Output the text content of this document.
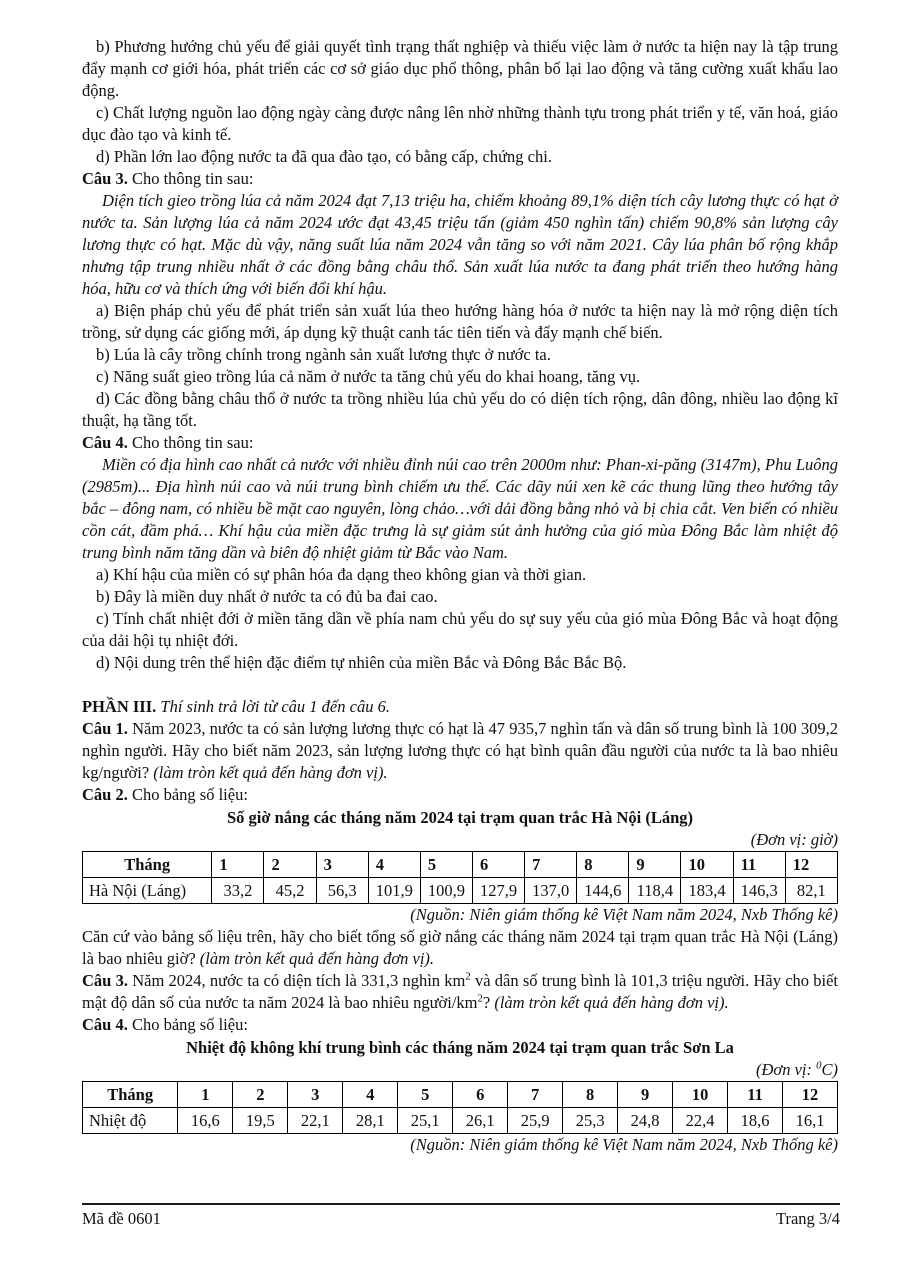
b) Phương hướng chủ yếu để giải quyết tình trạng thất nghiệp và thiếu việc làm ở nước ta hiện nay là tập trung đẩy mạnh cơ giới hóa, phát triển các cơ sở giáo dục phổ thông, phân bố lại lao động và tăng cường xuất khẩu lao động.

c) Chất lượng nguồn lao động ngày càng được nâng lên nhờ những thành tựu trong phát triển y tế, văn hoá, giáo dục đào tạo và kinh tế.

d) Phần lớn lao động nước ta đã qua đào tạo, có bằng cấp, chứng chi.

Câu 3. Cho thông tin sau:

Diện tích gieo trồng lúa cả năm 2024 đạt 7,13 triệu ha, chiếm khoảng 89,1% diện tích cây lương thực có hạt ở nước ta. Sản lượng lúa cả năm 2024 ước đạt 43,45 triệu tấn (giảm 450 nghìn tấn) chiếm 90,8% sản lượng cây lương thực có hạt. Mặc dù vậy, năng suất lúa năm 2024 vẫn tăng so với năm 2021. Cây lúa phân bố rộng khắp nhưng tập trung nhiều nhất ở các đồng bằng châu thổ. Sản xuất lúa nước ta đang phát triển theo hướng hàng hóa, hữu cơ và thích ứng với biến đổi khí hậu.

a) Biện pháp chủ yếu để phát triển sản xuất lúa theo hướng hàng hóa ở nước ta hiện nay là mở rộng diện tích trồng, sử dụng các giống mới, áp dụng kỹ thuật canh tác tiên tiến và đẩy mạnh chế biến.

b) Lúa là cây trồng chính trong ngành sản xuất lương thực ở nước ta.

c) Năng suất gieo trồng lúa cả năm ở nước ta tăng chủ yếu do khai hoang, tăng vụ.

d) Các đồng bằng châu thổ ở nước ta trồng nhiều lúa chủ yếu do có diện tích rộng, dân đông, nhiều lao động kĩ thuật, hạ tầng tốt.

Câu 4. Cho thông tin sau:

Miền có địa hình cao nhất cả nước với nhiều đỉnh núi cao trên 2000m như: Phan-xi-păng (3147m), Phu Luông (2985m)... Địa hình núi cao và núi trung bình chiếm ưu thế. Các dãy núi xen kẽ các thung lũng theo hướng tây bắc – đông nam, có nhiều bề mặt cao nguyên, lòng chảo…với dải đồng bằng nhỏ và bị chia cắt. Ven biển có nhiều cồn cát, đầm phá… Khí hậu của miền đặc trưng là sự giảm sút ảnh hưởng của gió mùa Đông Bắc làm nhiệt độ trung bình năm tăng dần và biên độ nhiệt giảm từ Bắc vào Nam.

a) Khí hậu của miền có sự phân hóa đa dạng theo không gian và thời gian.

b) Đây là miền duy nhất ở nước ta có đủ ba đai cao.

c) Tính chất nhiệt đới ở miền tăng dần về phía nam chủ yếu do sự suy yếu của gió mùa Đông Bắc và hoạt động của dải hội tụ nhiệt đới.

d) Nội dung trên thể hiện đặc điểm tự nhiên của miền Bắc và Đông Bắc Bắc Bộ.

PHẦN III. Thí sinh trả lời từ câu 1 đến câu 6.

Câu 1. Năm 2023, nước ta có sản lượng lương thực có hạt là 47 935,7 nghìn tấn và dân số trung bình là 100 309,2 nghìn người. Hãy cho biết năm 2023, sản lượng lương thực có hạt bình quân đầu người của nước ta là bao nhiêu kg/người? (làm tròn kết quả đến hàng đơn vị).

Câu 2. Cho bảng số liệu:

Số giờ nắng các tháng năm 2024 tại trạm quan trắc Hà Nội (Láng)

(Đơn vị: giờ)

Tháng	1	2	3	4	5	6	7	8	9	10	11	12
Hà Nội (Láng)	33,2	45,2	56,3	101,9	100,9	127,9	137,0	144,6	118,4	183,4	146,3	82,1

(Nguồn: Niên giám thống kê Việt Nam năm 2024, Nxb Thống kê)

Căn cứ vào bảng số liệu trên, hãy cho biết tổng số giờ nắng các tháng năm 2024 tại trạm quan trắc Hà Nội (Láng) là bao nhiêu giờ? (làm tròn kết quả đến hàng đơn vị).

Câu 3. Năm 2024, nước ta có diện tích là 331,3 nghìn $km^2$ và dân số trung bình là 101,3 triệu người. Hãy cho biết mật độ dân số của nước ta năm 2024 là bao nhiêu người/$km^2$? (làm tròn kết quả đến hàng đơn vị).

Câu 4. Cho bảng số liệu:

Nhiệt độ không khí trung bình các tháng năm 2024 tại trạm quan trắc Sơn La

(Đơn vị: $^0$C)

Tháng	1	2	3	4	5	6	7	8	9	10	11	12
Nhiệt độ	16,6	19,5	22,1	28,1	25,1	26,1	25,9	25,3	24,8	22,4	18,6	16,1

(Nguồn: Niên giám thống kê Việt Nam năm 2024, Nxb Thống kê)

Mã đề 0601	Trang 3/4
